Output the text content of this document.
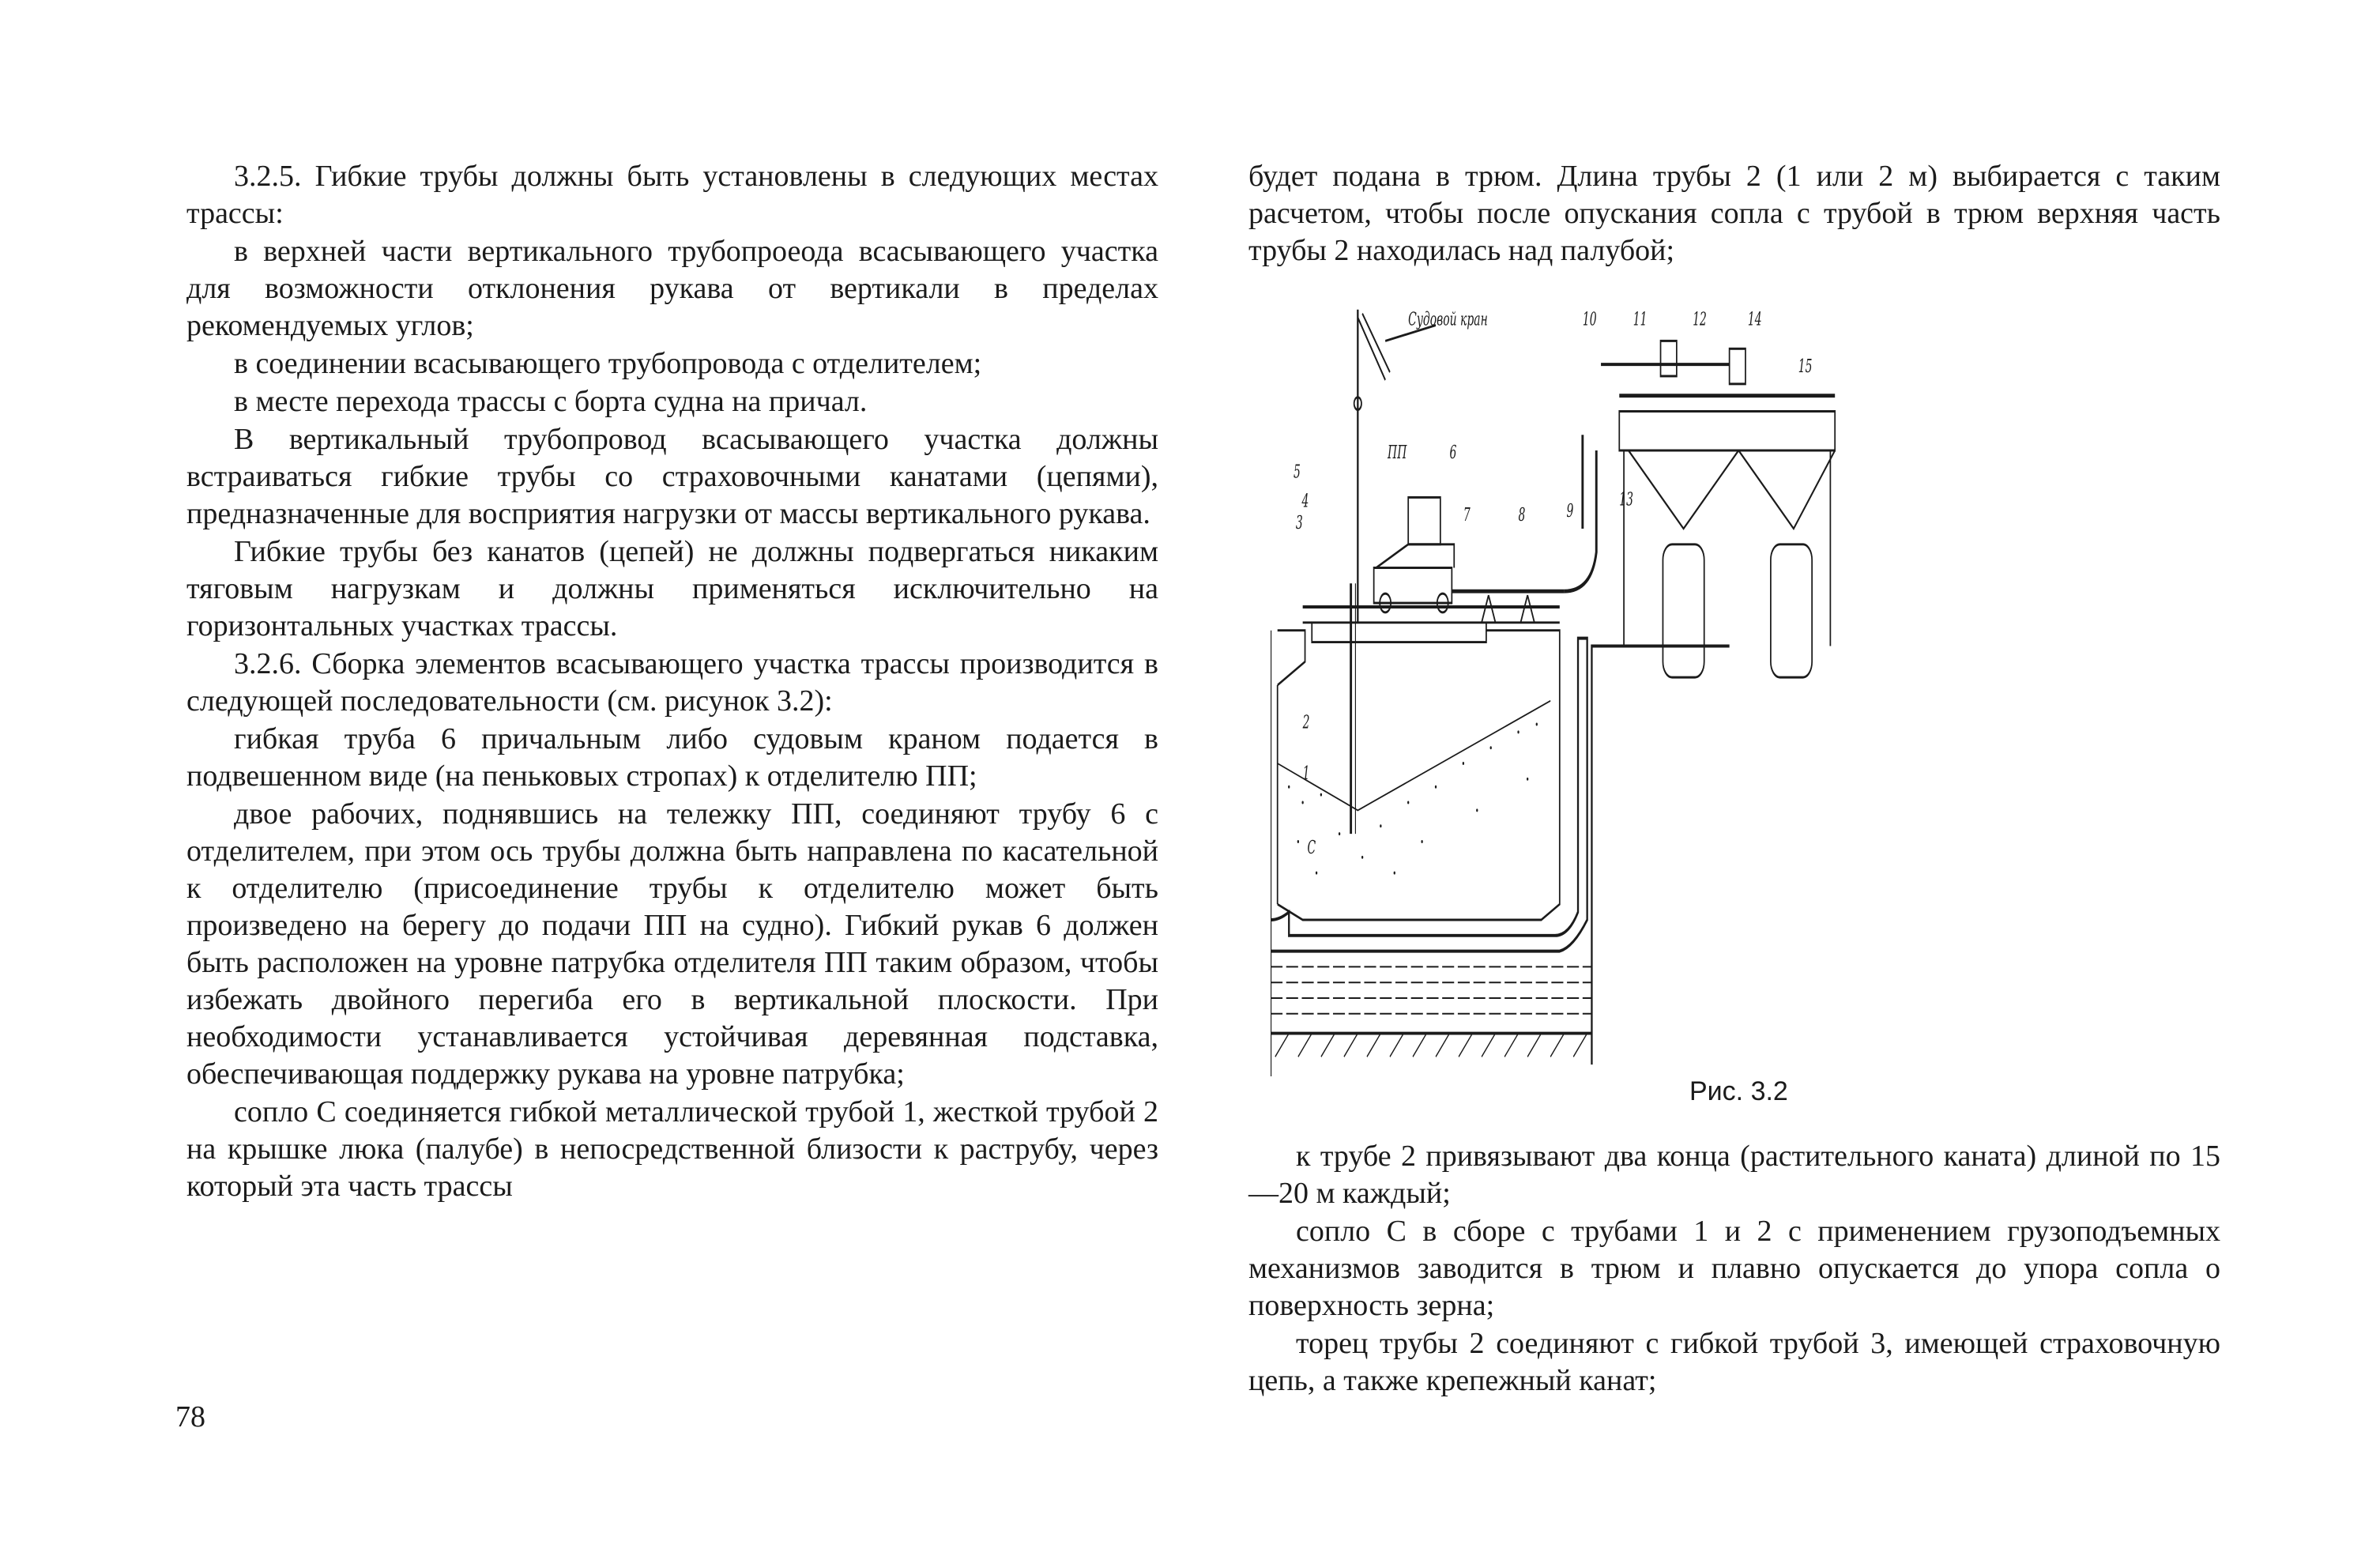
3.2.5. Гибкие трубы должны быть установлены в следующих местах трассы:

в верхней части вертикального трубопроеода всасывающего участка для возможности отклонения рукава от вертикали в пределах рекомендуемых углов;

в соединении всасывающего трубопровода с отделителем;

в месте перехода трассы с борта судна на причал.

В вертикальный трубопровод всасывающего участка должны встраиваться гибкие трубы со страховочными канатами (цепями), предназначенные для восприятия нагрузки от массы вертикального рукава.

Гибкие трубы без канатов (цепей) не должны подвергаться никаким тяговым нагрузкам и должны применяться исключительно на горизонтальных участках трассы.

3.2.6. Сборка элементов всасывающего участка трассы производится в следующей последовательности (см. рисунок 3.2):

гибкая труба 6 причальным либо судовым краном подается в подвешенном виде (на пеньковых стропах) к отделителю ПП;

двое рабочих, поднявшись на тележку ПП, соединяют трубу 6 с отделителем, при этом ось трубы должна быть направлена по касательной к отделителю (присоединение трубы к отделителю может быть произведено на берегу до подачи ПП на судно). Гибкий рукав 6 должен быть расположен на уровне патрубка отделителя ПП таким образом, чтобы избежать двойного перегиба его в вертикальной плоскости. При необходимости устанавливается устойчивая деревянная подставка, обеспечивающая поддержку рукава на уровне патрубка;

сопло С соединяется гибкой металлической трубой 1, жесткой трубой 2 на крышке люка (палубе) в непосредственной близости к раструбу, через который эта часть трассы

78

будет подана в трюм. Длина трубы 2 (1 или 2 м) выбирается с таким расчетом, чтобы после опускания сопла с трубой в трюм верхняя часть трубы 2 находилась над палубой;

Судовой кран
ПП
5
4
3
2
1
С
6
7	8 9
10 11 12
13
14
15
Рис. 3.2

к трубе 2 привязывают два конца (растительного каната) длиной по 15—20 м каждый;

сопло С в сборе с трубами 1 и 2 с применением грузоподъемных механизмов заводится в трюм и плавно опускается до упора сопла о поверхность зерна;

торец трубы 2 соединяют с гибкой трубой 3, имеющей страховочную цепь, а также крепежный канат;
